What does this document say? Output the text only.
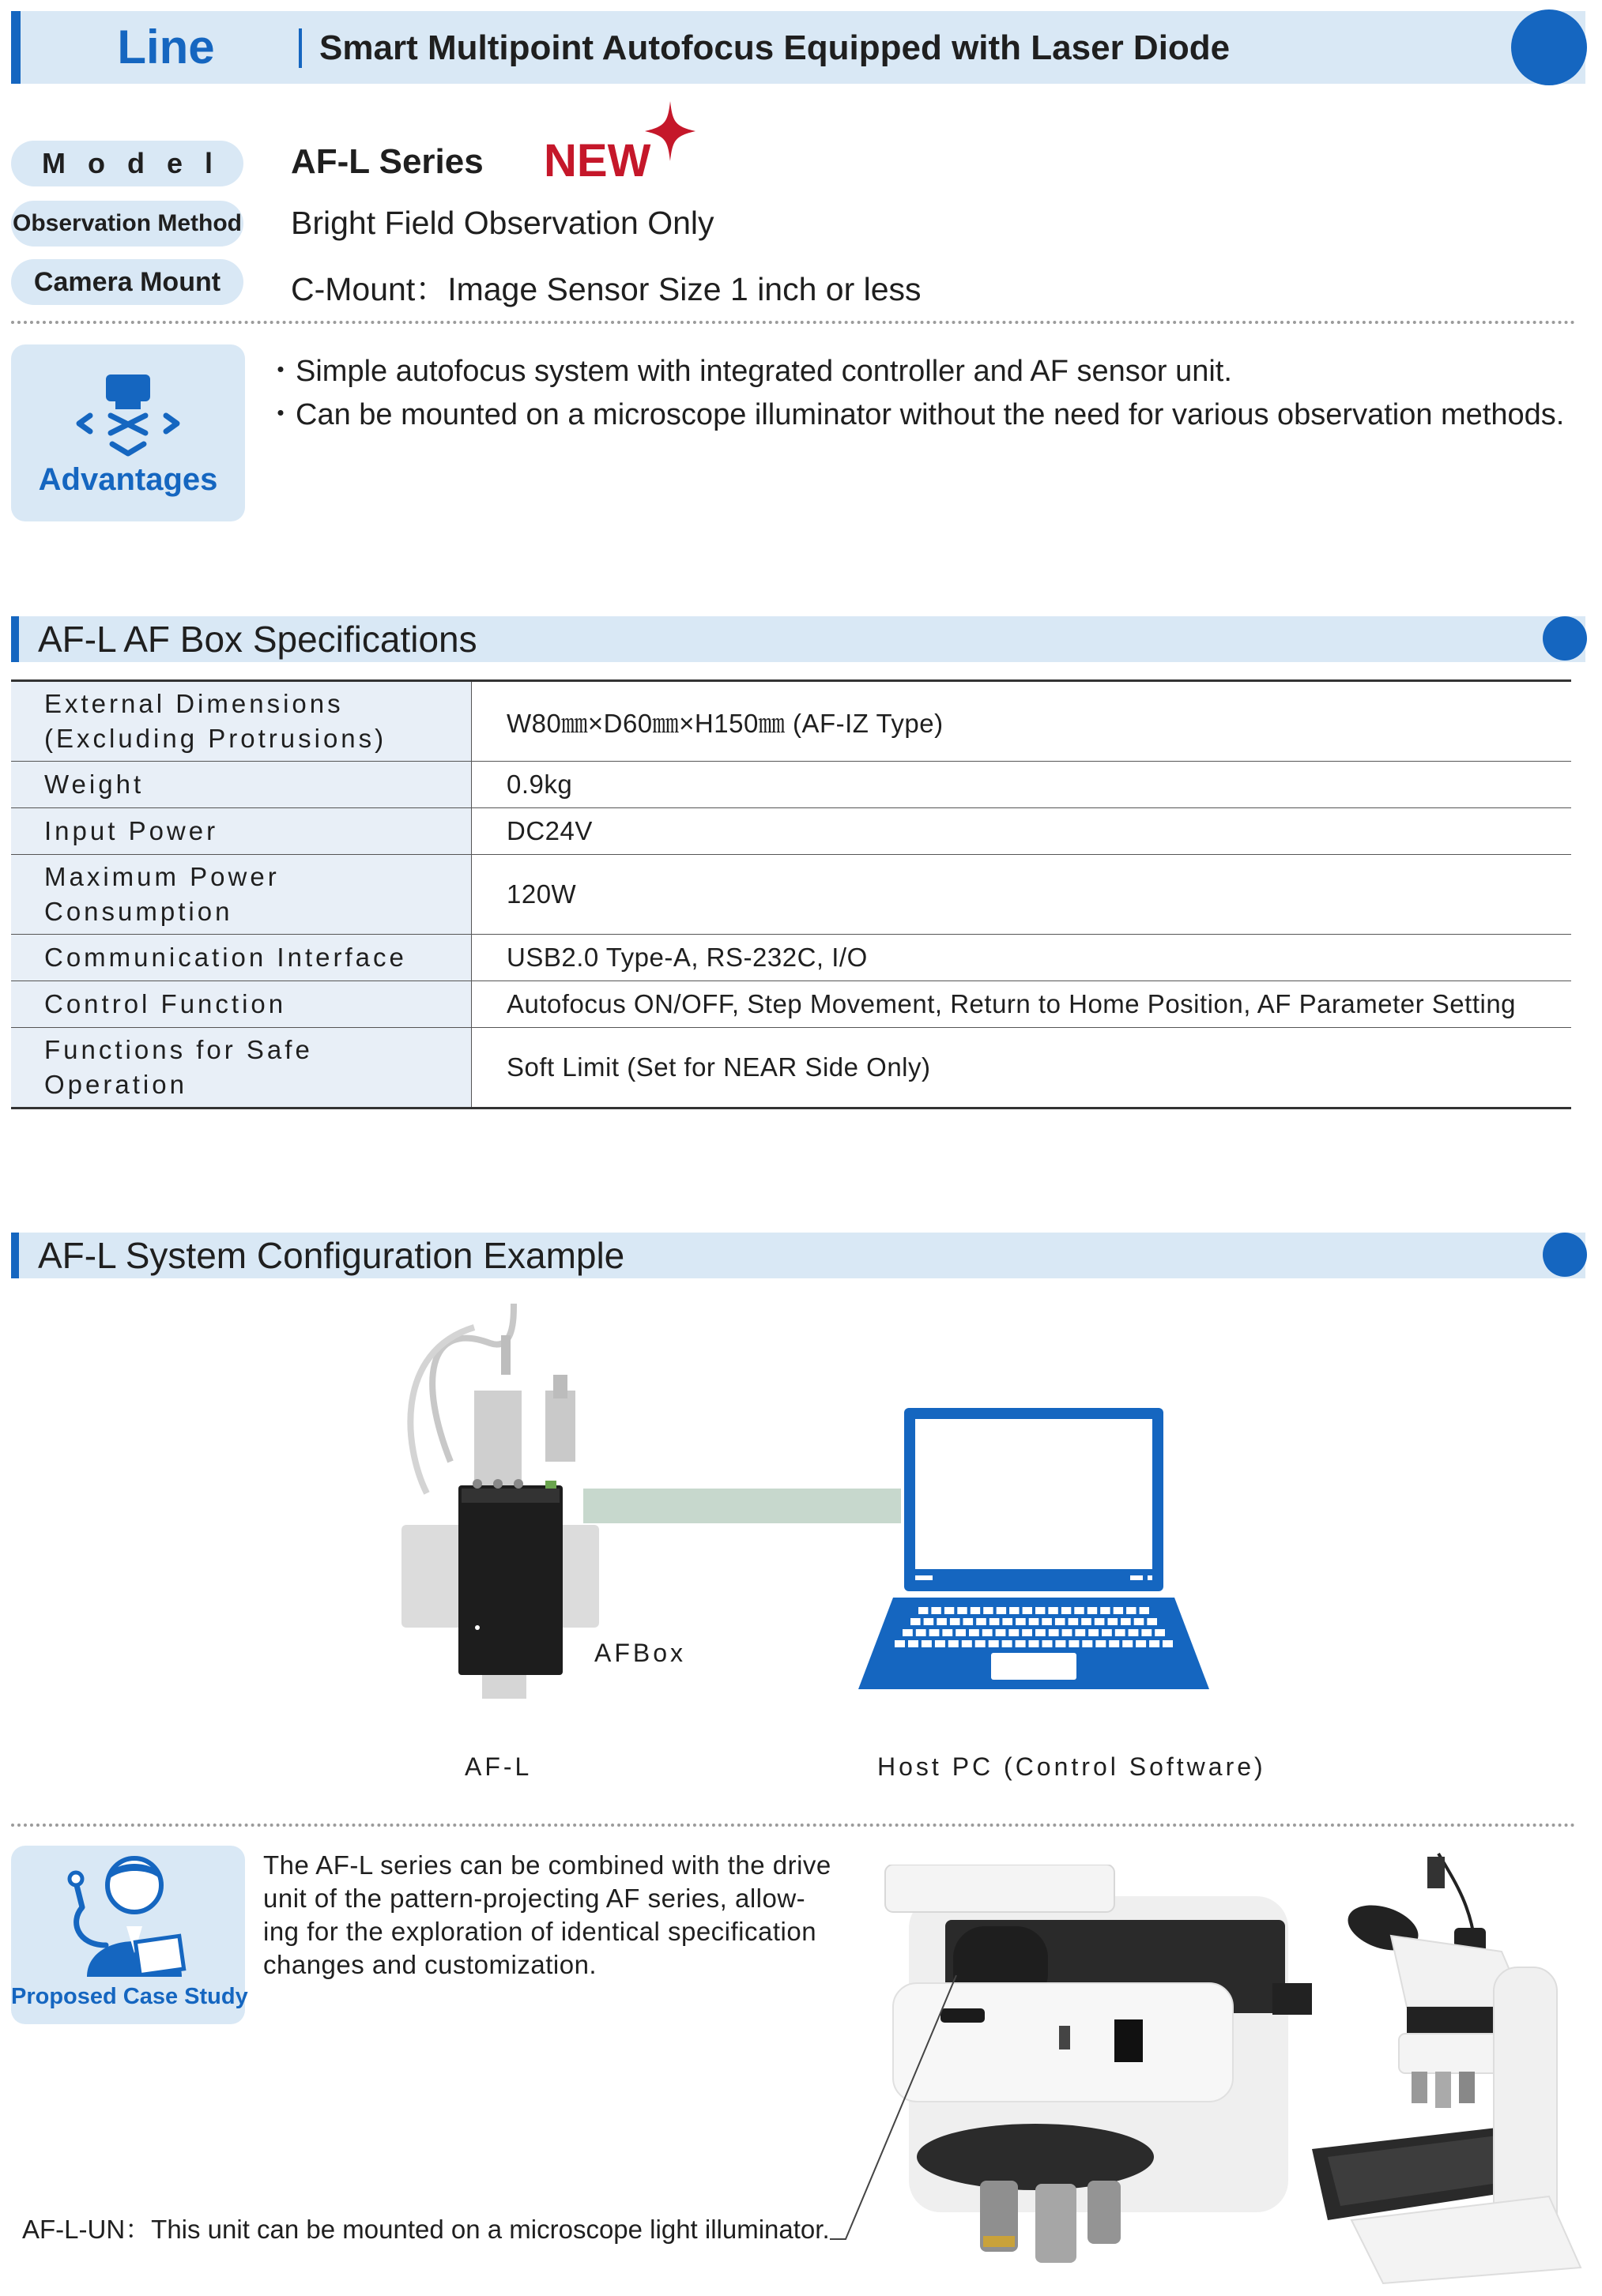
Line	Smart Multipoint Autofocus Equipped with Laser Diode
Model AF-L Series NEW
Observation Method Bright Field Observation Only
Camera Mount	C-Mount：Image Sensor Size 1 inch or less
Advantages
・Simple autofocus system with integrated controller and AF sensor unit.
・Can be mounted on a microscope illuminator without the need for various observation methods.
AF-L AF Box Specifications
External Dimensions
(Excluding Protrusions)	W80㎜×D60㎜×H150㎜ (AF-IZ Type)

Weight	0.9kg

Input Power	DC24V

Maximum Power
Consumption	120W

Communication Interface	USB2.0 Type-A, RS-232C, I/O

Control Function	Autofocus ON/OFF, Step Movement, Return to Home Position, AF Parameter Setting

Functions for Safe
Operation	Soft Limit (Set for NEAR Side Only)
AF-L System Configuration Example
AFBox
AF-L	Host PC (Control Software)
Proposed Case Study
The AF-L series can be combined with the drive
unit of the pattern-projecting AF series, allow-
ing for the exploration of identical specification
changes and customization.
AF-L-UN：This unit can be mounted on a microscope light illuminator.
